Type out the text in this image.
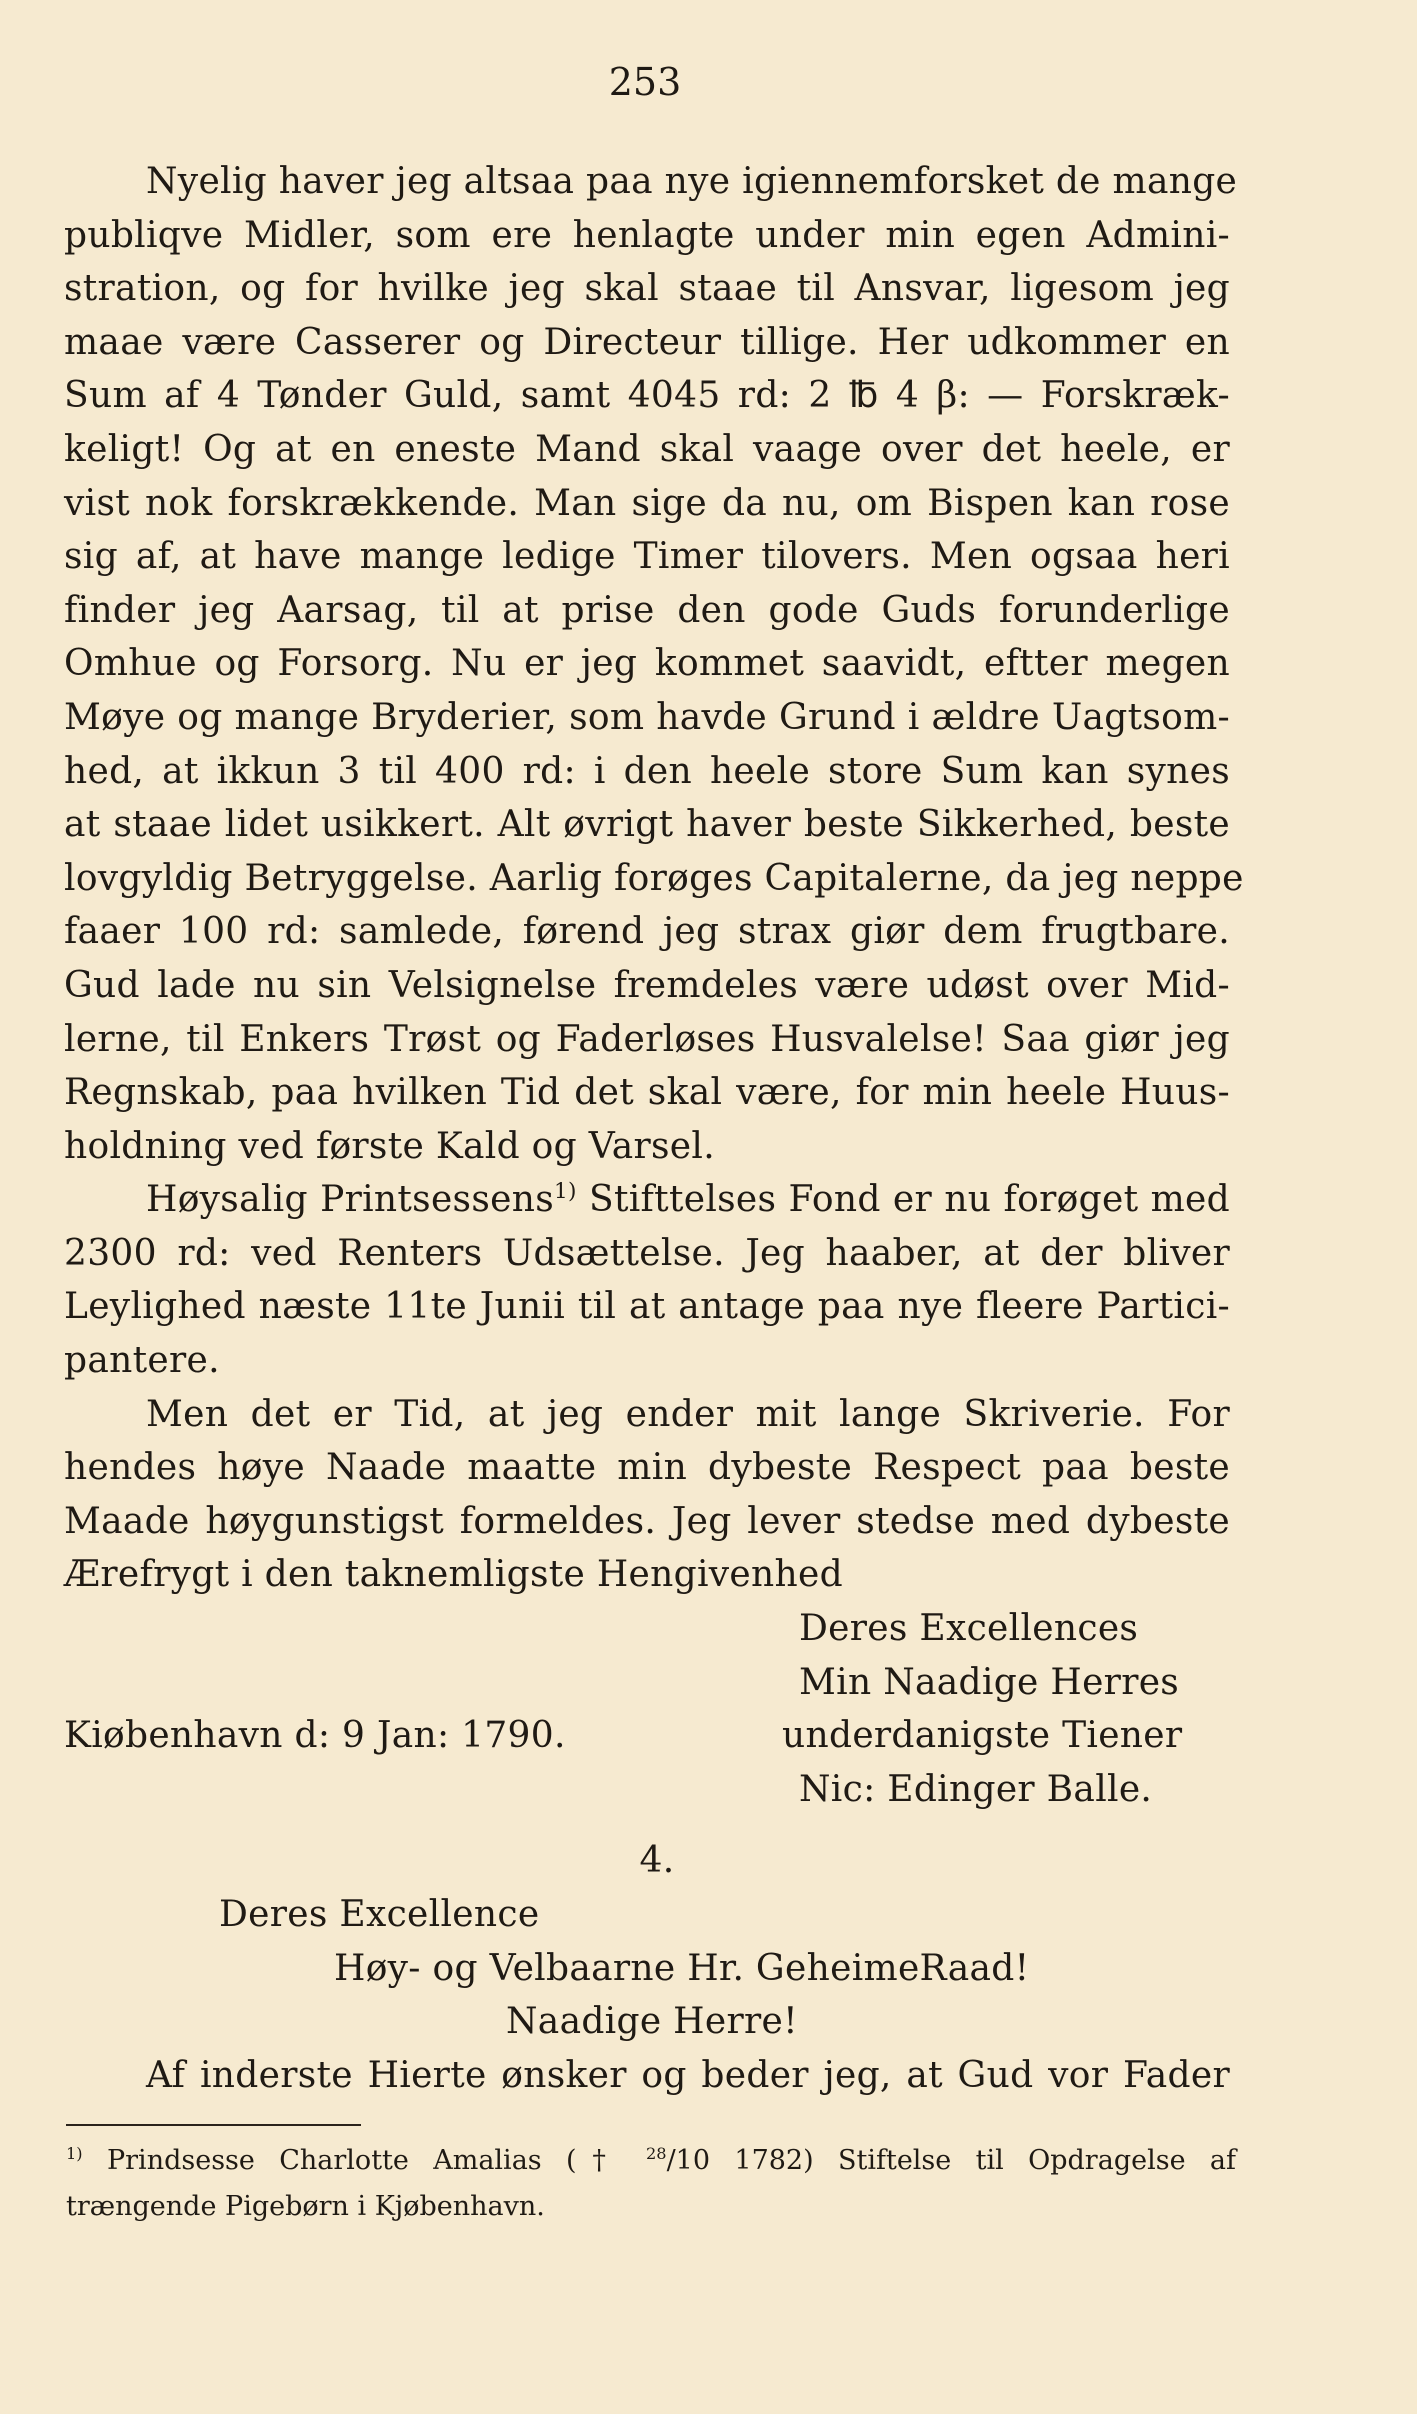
253
Nyelig haver jeg altsaa paa nye igiennemforsket de mange
publiqve Midler, som ere henlagte under min egen Admini-
stration, og for hvilke jeg skal staae til Ansvar, ligesom jeg
maae være Casserer og Directeur tillige. Her udkommer en
Sum af 4 Tønder Guld, samt 4045 rd: 2 ℔ 4 β: — Forskræk-
keligt! Og at en eneste Mand skal vaage over det heele, er
vist nok forskrækkende. Man sige da nu, om Bispen kan rose
sig af, at have mange ledige Timer tilovers. Men ogsaa heri
finder jeg Aarsag, til at prise den gode Guds forunderlige
Omhue og Forsorg. Nu er jeg kommet saavidt, eftter megen
Møye og mange Bryderier, som havde Grund i ældre Uagtsom-
hed, at ikkun 3 til 400 rd: i den heele store Sum kan synes
at staae lidet usikkert. Alt øvrigt haver beste Sikkerhed, beste
lovgyldig Betryggelse. Aarlig forøges Capitalerne, da jeg neppe
faaer 100 rd: samlede, førend jeg strax giør dem frugtbare.
Gud lade nu sin Velsignelse fremdeles være udøst over Mid-
lerne, til Enkers Trøst og Faderløses Husvalelse! Saa giør jeg
Regnskab, paa hvilken Tid det skal være, for min heele Huus-
holdning ved første Kald og Varsel.
Høysalig Printsessens$^{1)}$ Stifttelses Fond er nu forøget med
2300 rd: ved Renters Udsættelse. Jeg haaber, at der bliver
Leylighed næste 11te Junii til at antage paa nye fleere Partici-
pantere.
Men det er Tid, at jeg ender mit lange Skriverie. For
hendes høye Naade maatte min dybeste Respect paa beste
Maade høygunstigst formeldes. Jeg lever stedse med dybeste
Ærefrygt i den taknemligste Hengivenhed
Deres Excellences
Min Naadige Herres
Kiøbenhavn d: 9 Jan: 1790.	underdanigste Tiener
Nic: Edinger Balle.
4.
Deres Excellence
Høy- og Velbaarne Hr. GeheimeRaad!
Naadige Herre!
Af inderste Hierte ønsker og beder jeg, at Gud vor Fader
$^{1)}$ Prindsesse Charlotte Amalias († $^{28}$/10 1782) Stiftelse til Opdragelse af
trængende Pigebørn i Kjøbenhavn.
